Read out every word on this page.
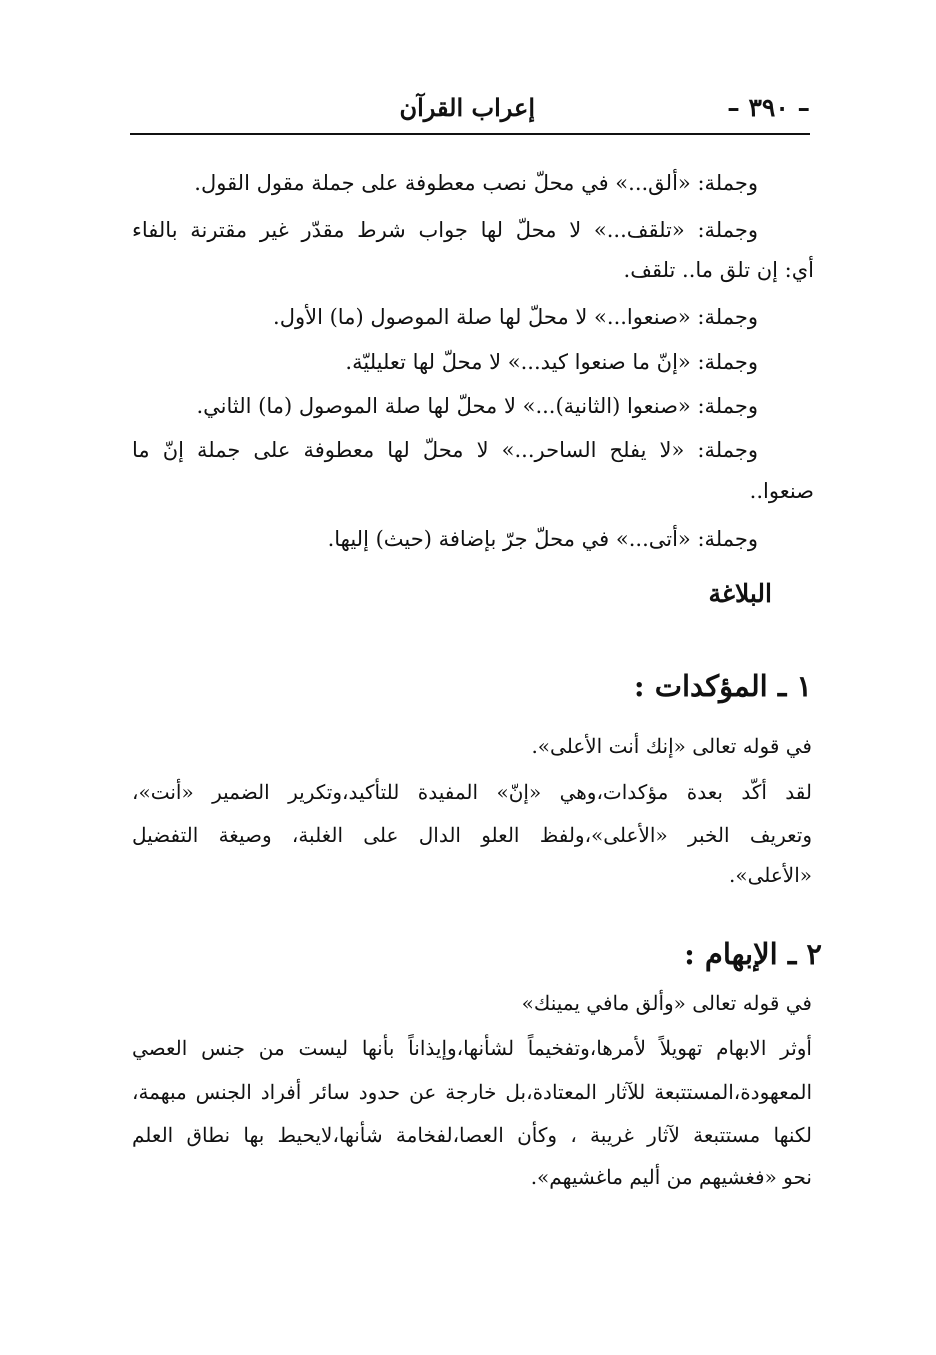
– ٣٩٠ –
إعراب القرآن
وجملة: «ألق...» في محلّ نصب معطوفة على جملة مقول القول.
وجملة: «تلقف...» لا محلّ لها جواب شرط مقدّر غير مقترنة بالفاء
أي: إن تلق ما.. تلقف.
وجملة: «صنعوا...» لا محلّ لها صلة الموصول (ما) الأول.
وجملة: «إنّ ما صنعوا كيد...» لا محلّ لها تعليليّة.
وجملة: «صنعوا (الثانية)...» لا محلّ لها صلة الموصول (ما) الثاني.
وجملة: «لا يفلح الساحر...» لا محلّ لها معطوفة على جملة إنّ ما
صنعوا..
وجملة: «أتى...» في محلّ جرّ بإضافة (حيث) إليها.
البلاغة
١ ـ المؤكدات :
في قوله تعالى «إنك أنت الأعلى».
لقد أكّد بعدة مؤكدات،وهي «إنّ» المفيدة للتأكيد،وتكرير الضمير «أنت»،
وتعريف الخبر «الأعلى»،ولفظ العلو الدال على الغلبة، وصيغة التفضيل
«الأعلى».
٢ ـ الإبهام :
في قوله تعالى «وألق مافي يمينك»
أوثر الابهام تهويلاً لأمرها،وتفخيماً لشأنها،وإيذاناً بأنها ليست من جنس العصي
المعهودة،المستتبعة للآثار المعتادة،بل خارجة عن حدود سائر أفراد الجنس مبهمة،
لكنها مستتبعة لآثار غريبة ، وكأن العصا،لفخامة شأنها،لايحيط بها نطاق العلم
نحو «فغشيهم من أليم ماغشيهم».
